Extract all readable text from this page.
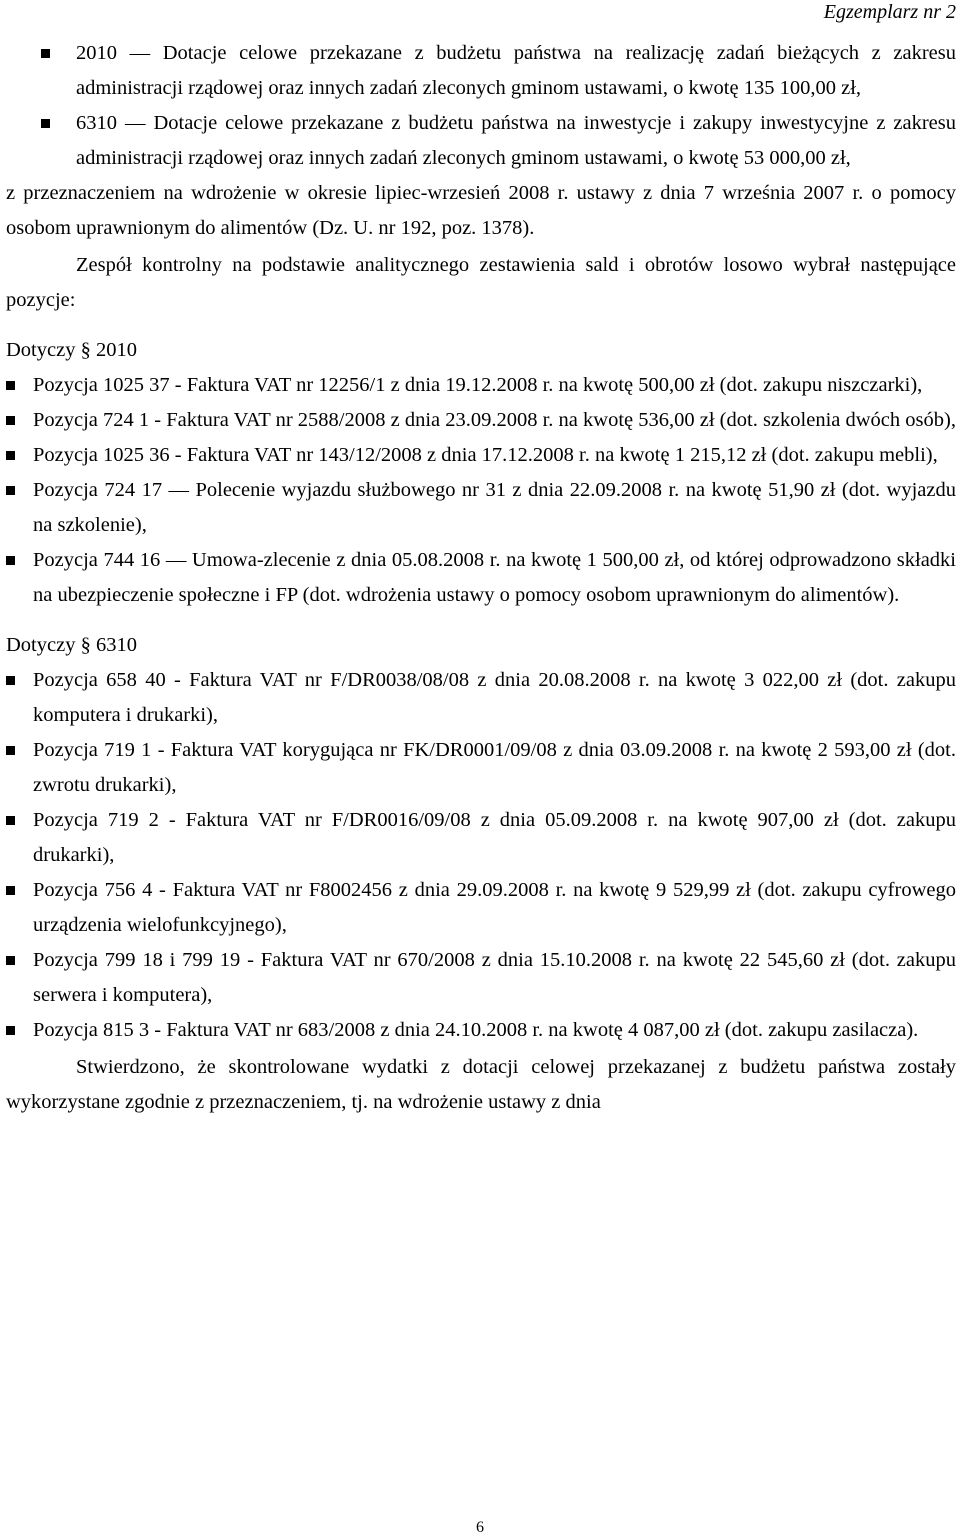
Egzemplarz nr 2
2010 — Dotacje celowe przekazane z budżetu państwa na realizację zadań bieżących z zakresu administracji rządowej oraz innych zadań zleconych gminom ustawami, o kwotę 135 100,00 zł,
6310 — Dotacje celowe przekazane z budżetu państwa na inwestycje i zakupy inwestycyjne z zakresu administracji rządowej oraz innych zadań zleconych gminom ustawami, o kwotę 53 000,00 zł,

z przeznaczeniem na wdrożenie w okresie lipiec-wrzesień 2008 r. ustawy z dnia 7 września 2007 r. o pomocy osobom uprawnionym do alimentów (Dz. U. nr 192, poz. 1378).

Zespół kontrolny na podstawie analitycznego zestawienia sald i obrotów losowo wybrał następujące pozycje:

Dotyczy § 2010
Pozycja 1025 37 - Faktura VAT nr 12256/1 z dnia 19.12.2008 r. na kwotę 500,00 zł (dot. zakupu niszczarki),
Pozycja 724 1 - Faktura VAT nr 2588/2008 z dnia 23.09.2008 r. na kwotę 536,00 zł (dot. szkolenia dwóch osób),
Pozycja 1025 36 - Faktura VAT nr 143/12/2008 z dnia 17.12.2008 r. na kwotę 1 215,12 zł (dot. zakupu mebli),
Pozycja 724 17 — Polecenie wyjazdu służbowego nr 31 z dnia 22.09.2008 r. na kwotę 51,90 zł (dot. wyjazdu na szkolenie),
Pozycja 744 16 — Umowa-zlecenie z dnia 05.08.2008 r. na kwotę 1 500,00 zł, od której odprowadzono składki na ubezpieczenie społeczne i FP (dot. wdrożenia ustawy o pomocy osobom uprawnionym do alimentów).
Dotyczy § 6310
Pozycja 658 40 - Faktura VAT nr F/DR0038/08/08 z dnia 20.08.2008 r. na kwotę 3 022,00 zł (dot. zakupu komputera i drukarki),
Pozycja 719 1 - Faktura VAT korygująca nr FK/DR0001/09/08 z dnia 03.09.2008 r. na kwotę 2 593,00 zł (dot. zwrotu drukarki),
Pozycja 719 2 - Faktura VAT nr F/DR0016/09/08 z dnia 05.09.2008 r. na kwotę 907,00 zł (dot. zakupu drukarki),
Pozycja 756 4 - Faktura VAT nr F8002456 z dnia 29.09.2008 r. na kwotę 9 529,99 zł (dot. zakupu cyfrowego urządzenia wielofunkcyjnego),
Pozycja 799 18 i 799 19 - Faktura VAT nr 670/2008 z dnia 15.10.2008 r. na kwotę 22 545,60 zł (dot. zakupu serwera i komputera),
Pozycja 815 3 - Faktura VAT nr 683/2008 z dnia 24.10.2008 r. na kwotę 4 087,00 zł (dot. zakupu zasilacza).

Stwierdzono, że skontrolowane wydatki z dotacji celowej przekazanej z budżetu państwa zostały wykorzystane zgodnie z przeznaczeniem, tj. na wdrożenie ustawy z dnia

6
